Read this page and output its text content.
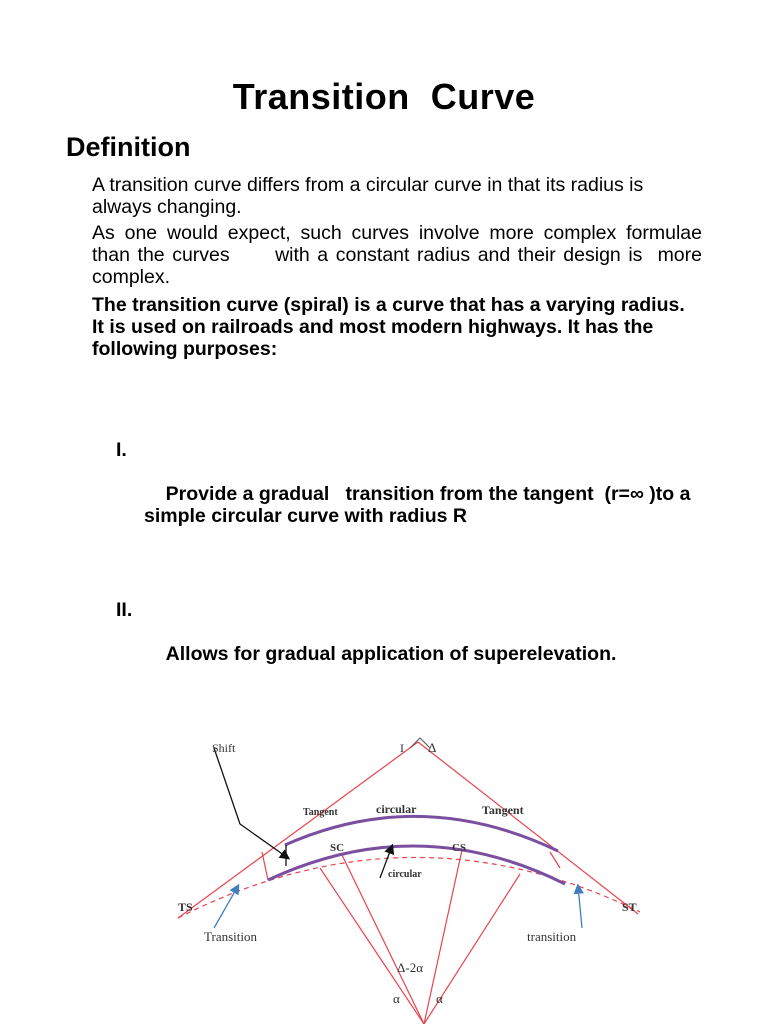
Transition  Curve
Definition
A transition curve differs from a circular curve in that its radius is always changing.
As one would expect, such curves involve more complex formulae than the curves      with a constant radius and their design is  more complex.
The transition curve (spiral) is a curve that has a varying radius. It is used on railroads and most modern highways. It has the following purposes:

I.

Provide a gradual   transition from the tangent  (r=∞ )to a simple circular curve with radius R

II.

Allows for gradual application of superelevation.

Shift	I Δ
Tangent	circular	Tangent
SC	CS
circular
TS	ST
Transition	transition
Δ-2α
α	α
